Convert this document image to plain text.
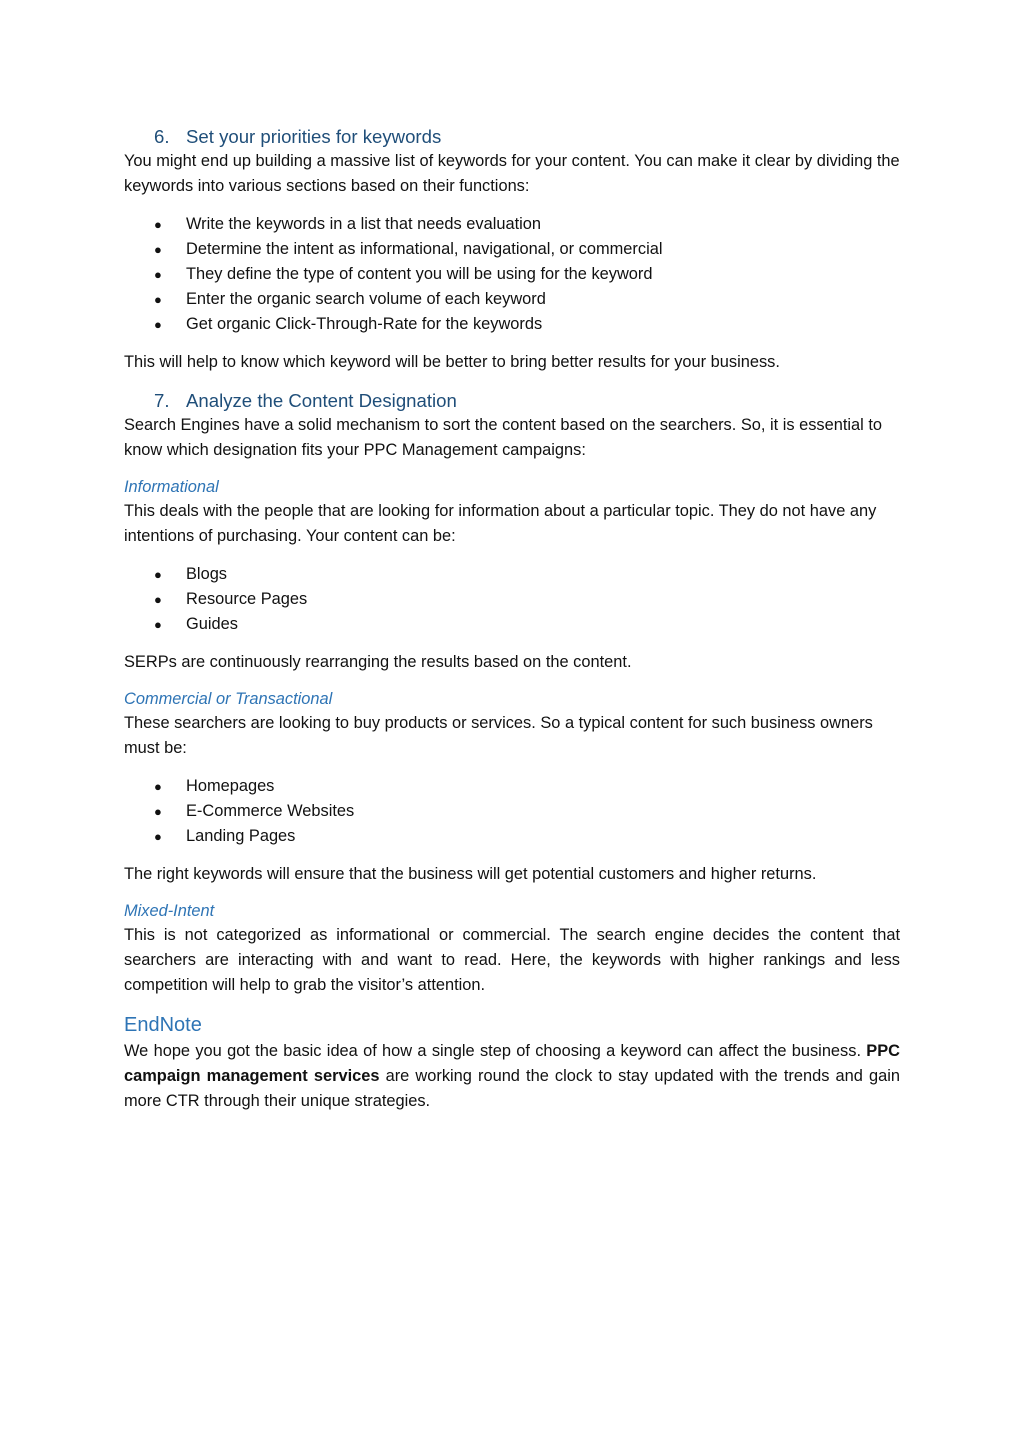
6. Set your priorities for keywords

You might end up building a massive list of keywords for your content. You can make it clear by dividing the keywords into various sections based on their functions:

●	Write the keywords in a list that needs evaluation
●	Determine the intent as informational, navigational, or commercial
●	They define the type of content you will be using for the keyword
●	Enter the organic search volume of each keyword
●	Get organic Click-Through-Rate for the keywords

This will help to know which keyword will be better to bring better results for your business.

7. Analyze the Content Designation

Search Engines have a solid mechanism to sort the content based on the searchers. So, it is essential to know which designation fits your PPC Management campaigns:

Informational

This deals with the people that are looking for information about a particular topic. They do not have any intentions of purchasing. Your content can be:

●	Blogs
●	Resource Pages
●	Guides

SERPs are continuously rearranging the results based on the content.

Commercial or Transactional

These searchers are looking to buy products or services. So a typical content for such business owners must be:

●	Homepages
●	E-Commerce Websites
●	Landing Pages

The right keywords will ensure that the business will get potential customers and higher returns.

Mixed-Intent

This is not categorized as informational or commercial. The search engine decides the content that searchers are interacting with and want to read. Here, the keywords with higher rankings and less competition will help to grab the visitor’s attention.

EndNote

We hope you got the basic idea of how a single step of choosing a keyword can affect the business. PPC campaign management services are working round the clock to stay updated with the trends and gain more CTR through their unique strategies.
